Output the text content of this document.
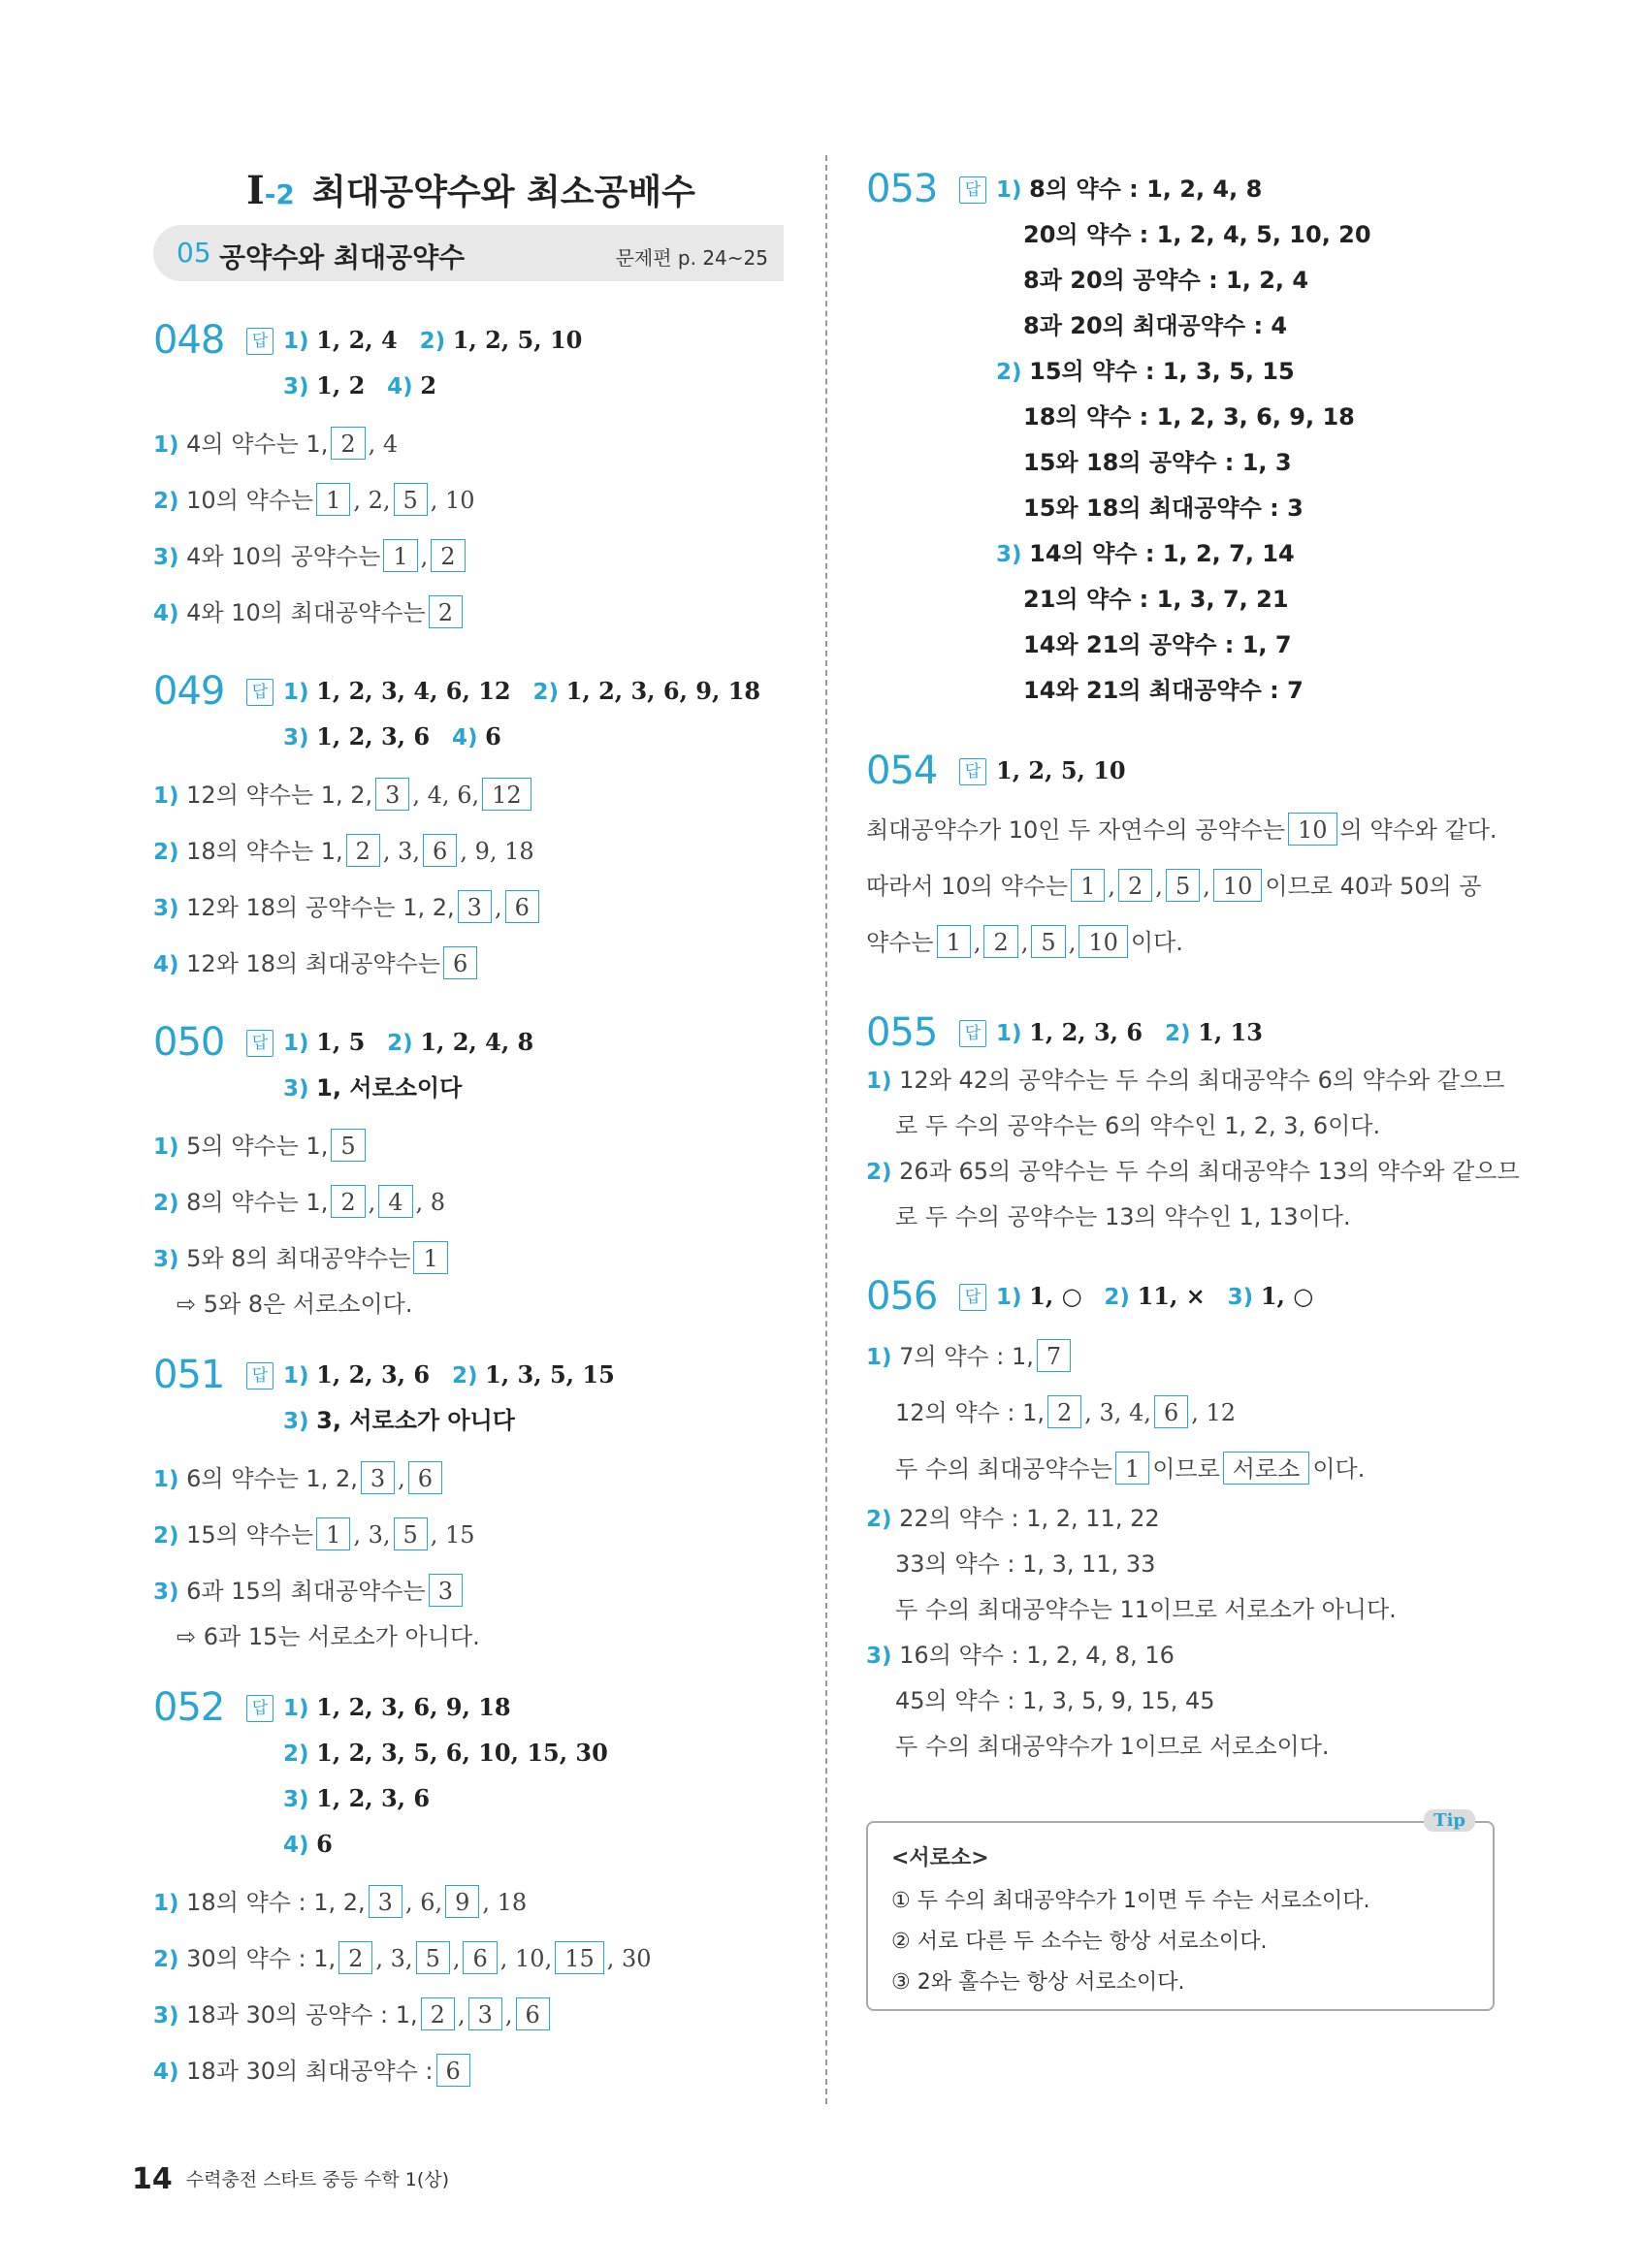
I-2 최대공약수와 최소공배수
05 공약수와 최대공약수	문제편 p. 24~25
048	답 1) 1, 2, 4 2) 1, 2, 5, 10
3) 1, 2 4) 2
1) 4의 약수는 1, 2 , 4
2) 10의 약수는 1 , 2, 5 , 10
3) 4와 10의 공약수는 1 , 2
4) 4와 10의 최대공약수는 2
049	답 1) 1, 2, 3, 4, 6, 12 2) 1, 2, 3, 6, 9, 18
3) 1, 2, 3, 6 4) 6
1) 12의 약수는 1, 2, 3 , 4, 6, 12
2) 18의 약수는 1, 2 , 3, 6 , 9, 18
3) 12와 18의 공약수는 1, 2, 3 , 6
4) 12와 18의 최대공약수는 6
050	답 1) 1, 5 2) 1, 2, 4, 8
3) 1, 서로소이다
1) 5의 약수는 1, 5
2) 8의 약수는 1, 2 , 4 , 8
3) 5와 8의 최대공약수는 1
⇨ 5와 8은 서로소이다.
051	답 1) 1, 2, 3, 6 2) 1, 3, 5, 15
3) 3, 서로소가 아니다
1) 6의 약수는 1, 2, 3 , 6
2) 15의 약수는 1 , 3, 5 , 15
3) 6과 15의 최대공약수는 3
⇨ 6과 15는 서로소가 아니다.
052	답 1) 1, 2, 3, 6, 9, 18
2) 1, 2, 3, 5, 6, 10, 15, 30
3) 1, 2, 3, 6
4) 6
1) 18의 약수 : 1, 2, 3 , 6, 9 , 18
2) 30의 약수 : 1, 2 , 3, 5 , 6 , 10, 15 , 30
3) 18과 30의 공약수 : 1, 2 , 3 , 6
4) 18과 30의 최대공약수 : 6
053	답 1) 8의 약수 : 1, 2, 4, 8
20의 약수 : 1, 2, 4, 5, 10, 20
8과 20의 공약수 : 1, 2, 4
8과 20의 최대공약수 : 4
2) 15의 약수 : 1, 3, 5, 15
18의 약수 : 1, 2, 3, 6, 9, 18
15와 18의 공약수 : 1, 3
15와 18의 최대공약수 : 3
3) 14의 약수 : 1, 2, 7, 14
21의 약수 : 1, 3, 7, 21
14와 21의 공약수 : 1, 7
14와 21의 최대공약수 : 7
054	답 1, 2, 5, 10
최대공약수가 10인 두 자연수의 공약수는 10 의 약수와 같다.
따라서 10의 약수는 1 , 2 , 5 , 10 이므로 40과 50의 공
약수는 1 , 2 , 5 , 10 이다.
055	답 1) 1, 2, 3, 6 2) 1, 13
1) 12와 42의 공약수는 두 수의 최대공약수 6의 약수와 같으므
로 두 수의 공약수는 6의 약수인 1, 2, 3, 6이다.
2) 26과 65의 공약수는 두 수의 최대공약수 13의 약수와 같으므
로 두 수의 공약수는 13의 약수인 1, 13이다.
056	답 1) 1, ○ 2) 11, × 3) 1, ○
1) 7의 약수 : 1, 7
12의 약수 : 1, 2 , 3, 4, 6 , 12
두 수의 최대공약수는 1 이므로 서로소 이다.
2) 22의 약수 : 1, 2, 11, 22
33의 약수 : 1, 3, 11, 33
두 수의 최대공약수는 11이므로 서로소가 아니다.
3) 16의 약수 : 1, 2, 4, 8, 16
45의 약수 : 1, 3, 5, 9, 15, 45
두 수의 최대공약수가 1이므로 서로소이다.
Tip
<서로소>
① 두 수의 최대공약수가 1이면 두 수는 서로소이다.
② 서로 다른 두 소수는 항상 서로소이다.
③ 2와 홀수는 항상 서로소이다.
14 수력충전 스타트 중등 수학 1(상)
